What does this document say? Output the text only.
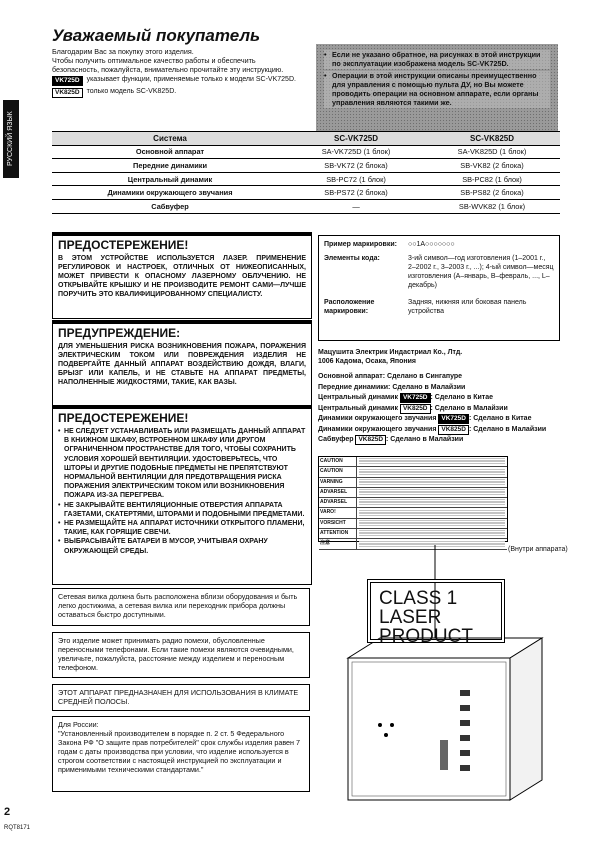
РУССКИЙ ЯЗЫК
Уважаемый покупатель

Благодарим Вас за покупку этого изделия.

Чтобы получить оптимальное качество работы и обеспечить безопасность, пожалуйста, внимательно прочитайте эту инструкцию.

VK725D	указывает функции, применяемые только к модели SC-VK725D.
VK825D	только модель SC-VK825D.
• Если не указано обратное, на рисунках в этой инструкции по эксплуатации изображена модель SC-VK725D.
• Операции в этой инструкции описаны преимущественно для управления с помощью пульта ДУ, но Вы можете проводить операции на основном аппарате, если органы управления являются такими же.
Система	SC-VK725D	SC-VK825D
Основной аппарат	SA-VK725D (1 блок)	SA-VK825D (1 блок)
Передние динамики	SB-VK72 (2 блока)	SB-VK82 (2 блока)
Центральный динамик	SB-PC72 (1 блок)	SB-PC82 (1 блок)
Динамики окружающего звучания	SB-PS72 (2 блока)	SB-PS82 (2 блока)
Сабвуфер	—	SB-WVK82 (1 блок)
ПРЕДОСТЕРЕЖЕНИЕ!
В ЭТОМ УСТРОЙСТВЕ ИСПОЛЬЗУЕТСЯ ЛАЗЕР. ПРИМЕНЕНИЕ РЕГУЛИРОВОК И НАСТРОЕК, ОТЛИЧНЫХ ОТ НИЖЕОПИСАННЫХ, МОЖЕТ ПРИВЕСТИ К ОПАСНОМУ ЛАЗЕРНОМУ ОБЛУЧЕНИЮ. НЕ ОТКРЫВАЙТЕ КРЫШКУ И НЕ ПРОИЗВОДИТЕ РЕМОНТ САМИ—ЛУЧШЕ ПОРУЧИТЬ ЭТО КВАЛИФИЦИРОВАННОМУ СПЕЦИАЛИСТУ.
ПРЕДУПРЕЖДЕНИЕ:
ДЛЯ УМЕНЬШЕНИЯ РИСКА ВОЗНИКНОВЕНИЯ ПОЖАРА, ПОРАЖЕНИЯ ЭЛЕКТРИЧЕСКИМ ТОКОМ ИЛИ ПОВРЕЖДЕНИЯ ИЗДЕЛИЯ НЕ ПОДВЕРГАЙТЕ ДАННЫЙ АППАРАТ ВОЗДЕЙСТВИЮ ДОЖДЯ, ВЛАГИ, БРЫЗГ ИЛИ КАПЕЛЬ, И НЕ СТАВЬТЕ НА АППАРАТ ПРЕДМЕТЫ, НАПОЛНЕННЫЕ ЖИДКОСТЯМИ, ТАКИЕ, КАК ВАЗЫ.
ПРЕДОСТЕРЕЖЕНИЕ!
• НЕ СЛЕДУЕТ УСТАНАВЛИВАТЬ ИЛИ РАЗМЕЩАТЬ ДАННЫЙ АППАРАТ В КНИЖНОМ ШКАФУ, ВСТРОЕННОМ ШКАФУ ИЛИ ДРУГОМ ОГРАНИЧЕННОМ ПРОСТРАНСТВЕ ДЛЯ ТОГО, ЧТОБЫ СОХРАНИТЬ УСЛОВИЯ ХОРОШЕЙ ВЕНТИЛЯЦИИ. УДОСТОВЕРЬТЕСЬ, ЧТО ШТОРЫ И ДРУГИЕ ПОДОБНЫЕ ПРЕДМЕТЫ НЕ ПРЕПЯТСТВУЮТ НОРМАЛЬНОЙ ВЕНТИЛЯЦИИ ДЛЯ ПРЕДОТВРАЩЕНИЯ РИСКА ПОРАЖЕНИЯ ЭЛЕКТРИЧЕСКИМ ТОКОМ ИЛИ ВОЗНИКНОВЕНИЯ ПОЖАРА ИЗ-ЗА ПЕРЕГРЕВА.
• НЕ ЗАКРЫВАЙТЕ ВЕНТИЛЯЦИОННЫЕ ОТВЕРСТИЯ АППАРАТА ГАЗЕТАМИ, СКАТЕРТЯМИ, ШТОРАМИ И ПОДОБНЫМИ ПРЕДМЕТАМИ.
• НЕ РАЗМЕЩАЙТЕ НА АППАРАТ ИСТОЧНИКИ ОТКРЫТОГО ПЛАМЕНИ, ТАКИЕ, КАК ГОРЯЩИЕ СВЕЧИ.
• ВЫБРАСЫВАЙТЕ БАТАРЕИ В МУСОР, УЧИТЫВАЯ ОХРАНУ ОКРУЖАЮЩЕЙ СРЕДЫ.
Сетевая вилка должна быть расположена вблизи оборудования и быть легко достижима, а сетевая вилка или переходник прибора должны оставаться быстро доступными.
Это изделие может принимать радио помехи, обусловленные переносными телефонами. Если такие помехи являются очевидными, увеличьте, пожалуйста, расстояние между изделием и переносным телефоном.
ЭТОТ АППАРАТ ПРЕДНАЗНАЧЕН ДЛЯ ИСПОЛЬЗОВАНИЯ В КЛИМАТЕ СРЕДНЕЙ ПОЛОСЫ.
Для России:
"Установленный производителем в порядке п. 2 ст. 5 Федерального Закона РФ "О защите прав потребителей" срок службы изделия равен 7 годам с даты производства при условии, что изделие используется в строгом соответствии с настоящей инструкцией по эксплуатации и применимыми техническими стандартами."
Пример маркировки:	○○1A○○○○○○○
Элементы кода:	3-ий символ—год изготовления (1–2001 г., 2–2002 г., 3–2003 г., ...); 4-ый символ—месяц изготовления (А–январь, В–февраль, ..., L–декабрь)
Расположение маркировки:
Задняя, нижняя или боковая панель устройства
Мацушита Электрик Индастриал Ко., Лтд.
1006 Кадома, Осака, Япония

Основной аппарат: Сделано в Сингапуре

Передние динамики: Сделано в Малайзии

Центральный динамик VK725D : Сделано в Китае

Центральный динамик VK825D : Сделано в Малайзии

Динамики окружающего звучания VK725D : Сделано в Китае

Динамики окружающего звучания VK825D : Сделано в Малайзии

Сабвуфер VK825D : Сделано в Малайзии

CAUTION
CAUTION
VARNING
ADVARSEL
ADVARSEL
VARO!
VORSICHT
ATTENTION
注意
(Внутри аппарата)
CLASS 1
LASER PRODUCT
2
RQT8171
